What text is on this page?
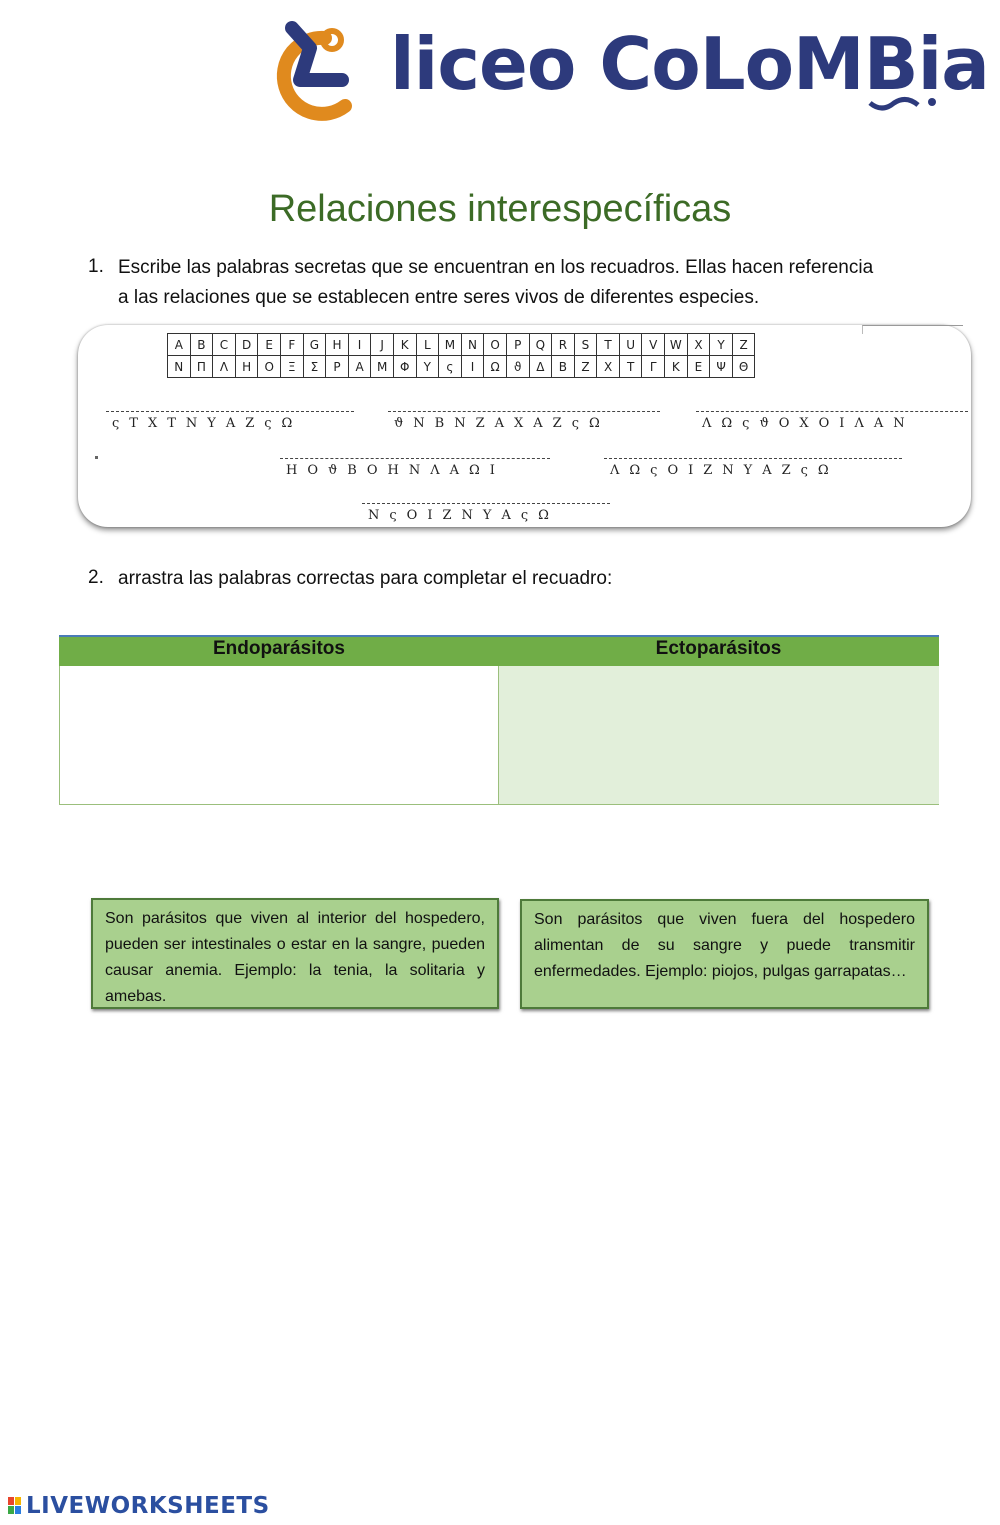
liceo CoLoMBia
Relaciones interespecíficas
1. Escribe las palabras secretas que se encuentran en los recuadros. Ellas hacen referencia
a las relaciones que se establecen entre seres vivos de diferentes especies.
A	B	C	D	E	F	G	H	I	J	K	L	M	N	O	P	Q	R	S	T	U	V	W	X	Y	Z
Ν	Π	Λ	Η	Ο	Ξ	Σ	Ρ	Α	Μ	Φ	Υ	ς	Ι	Ω	ϑ	Δ	Β	Ζ	Χ	Τ	Γ	Κ	Ε	Ψ	Θ
ςΤΧΤΝΥΑΖςΩ	ϑΝΒΝΖΑΧΑΖςΩ	ΛΩςϑΟΧΟΙΛΑΝ
ΗΟϑΒΟΗΝΛΑΩΙ	ΛΩςΟΙΖΝΥΑΖςΩ
ΝςΟΙΖΝΥΑςΩ
2. arrastra las palabras correctas para completar el recuadro:
Endoparásitos	Ectoparásitos
Son parásitos que viven al interior del hospedero, pueden ser intestinales o estar en la sangre, pueden causar anemia. Ejemplo: la tenia, la solitaria y amebas.
Son parásitos que viven fuera del hospedero alimentan de su sangre y puede transmitir enfermedades. Ejemplo: piojos, pulgas garrapatas…
LIVEWORKSHEETS
